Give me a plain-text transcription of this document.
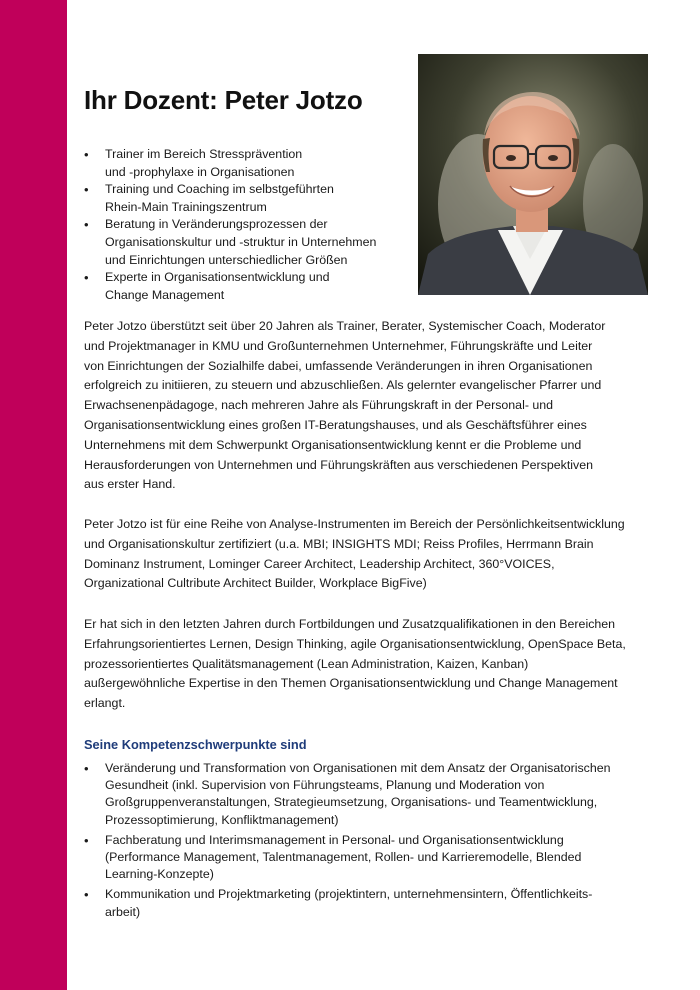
Ihr Dozent: Peter Jotzo
• Trainer im Bereich Stressprävention
und -prophylaxe in Organisationen
• Training und Coaching im selbstgeführten
Rhein-Main Trainingszentrum
• Beratung in Veränderungsprozessen der
Organisationskultur und -struktur in Unternehmen
und Einrichtungen unterschiedlicher Größen
• Experte in Organisationsentwicklung und
Change Management
Peter Jotzo überstützt seit über 20 Jahren als Trainer, Berater, Systemischer Coach, Moderator
und Projektmanager in KMU und Großunternehmen Unternehmer, Führungskräfte und Leiter
von Einrichtungen der Sozialhilfe dabei, umfassende Veränderungen in ihren Organisationen
erfolgreich zu initiieren, zu steuern und abzuschließen. Als gelernter evangelischer Pfarrer und
Erwachsenenpädagoge, nach mehreren Jahre als Führungskraft in der Personal- und
Organisationsentwicklung eines großen IT-Beratungshauses, und als Geschäftsführer eines
Unternehmens mit dem Schwerpunkt Organisationsentwicklung kennt er die Probleme und
Herausforderungen von Unternehmen und Führungskräften aus verschiedenen Perspektiven
aus erster Hand.
Peter Jotzo ist für eine Reihe von Analyse-Instrumenten im Bereich der Persönlichkeitsentwicklung
und Organisationskultur zertifiziert (u.a. MBI; INSIGHTS MDI; Reiss Profiles, Herrmann Brain
Dominanz Instrument, Lominger Career Architect, Leadership Architect, 360°VOICES,
Organizational Cultribute Architect Builder, Workplace BigFive)
Er hat sich in den letzten Jahren durch Fortbildungen und Zusatzqualifikationen in den Bereichen
Erfahrungsorientiertes Lernen, Design Thinking, agile Organisationsentwicklung, OpenSpace Beta,
prozessorientiertes Qualitätsmanagement (Lean Administration, Kaizen, Kanban)
außergewöhnliche Expertise in den Themen Organisationsentwicklung und Change Management
erlangt.
Seine Kompetenzschwerpunkte sind
• Veränderung und Transformation von Organisationen mit dem Ansatz der Organisatorischen
Gesundheit (inkl. Supervision von Führungsteams, Planung und Moderation von
Großgruppenveranstaltungen, Strategieumsetzung, Organisations- und Teamentwicklung,
Prozessoptimierung, Konfliktmanagement)
• Fachberatung und Interimsmanagement in Personal- und Organisationsentwicklung
(Performance Management, Talentmanagement, Rollen- und Karrieremodelle, Blended
Learning-Konzepte)
• Kommunikation und Projektmarketing (projektintern, unternehmensintern, Öffentlichkeits-
arbeit)
